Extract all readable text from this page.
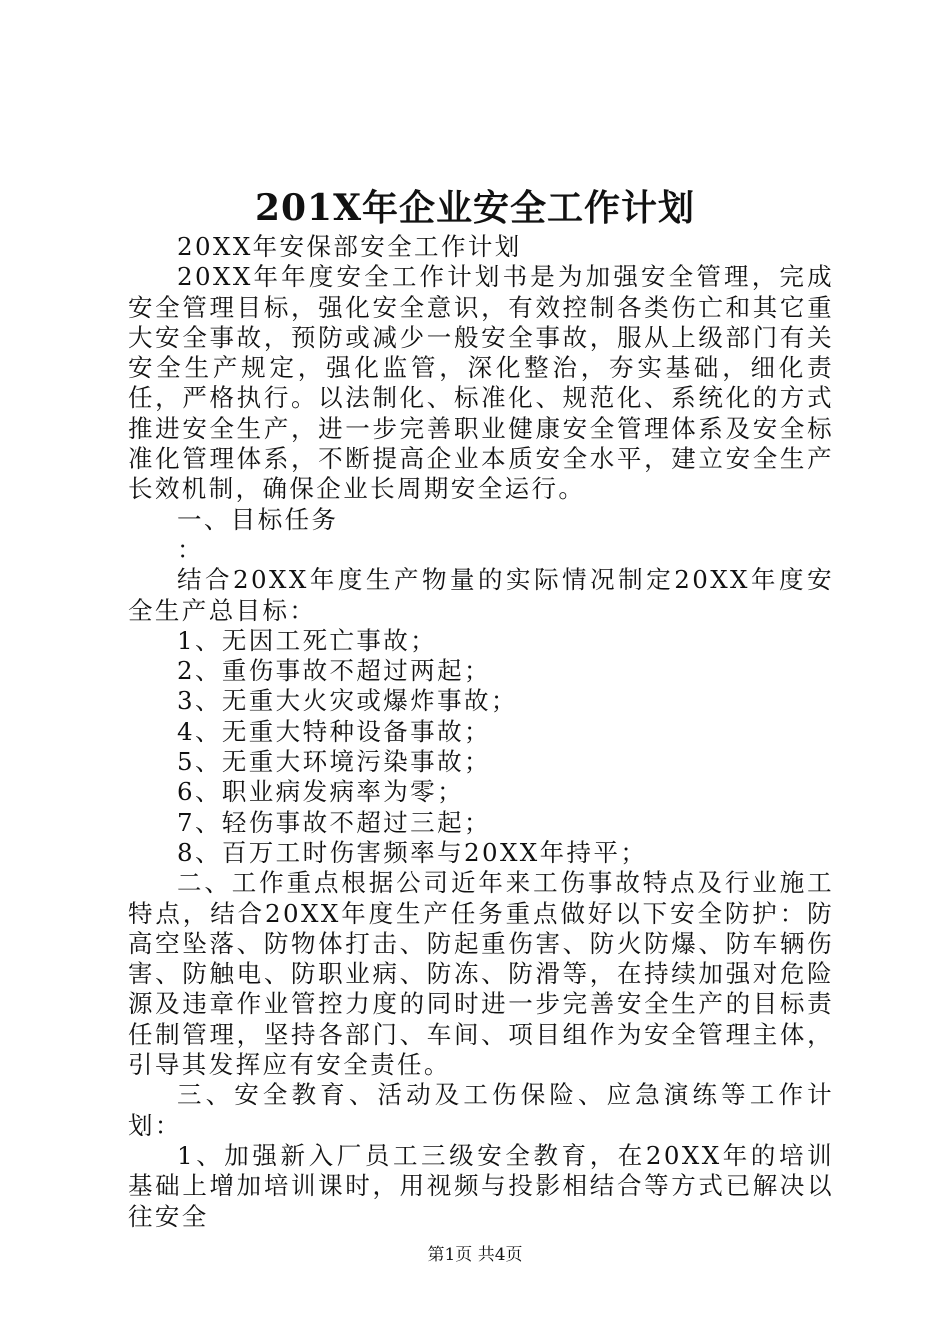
201X年企业安全工作计划

20XX年安保部安全工作计划

20XX年年度安全工作计划书是为加强安全管理，完成安全管理目标，强化安全意识，有效控制各类伤亡和其它重大安全事故，预防或减少一般安全事故，服从上级部门有关安全生产规定，强化监管，深化整治，夯实基础，细化责任，严格执行。以法制化、标准化、规范化、系统化的方式推进安全生产，进一步完善职业健康安全管理体系及安全标准化管理体系，不断提高企业本质安全水平，建立安全生产长效机制，确保企业长周期安全运行。

一、目标任务

：

结合20XX年度生产物量的实际情况制定20XX年度安全生产总目标：

1、无因工死亡事故；

2、重伤事故不超过两起；

3、无重大火灾或爆炸事故；

4、无重大特种设备事故；

5、无重大环境污染事故；

6、职业病发病率为零；

7、轻伤事故不超过三起；

8、百万工时伤害频率与20XX年持平；

二、工作重点根据公司近年来工伤事故特点及行业施工特点，结合20XX年度生产任务重点做好以下安全防护：防高空坠落、防物体打击、防起重伤害、防火防爆、防车辆伤害、防触电、防职业病、防冻、防滑等，在持续加强对危险源及违章作业管控力度的同时进一步完善安全生产的目标责任制管理，坚持各部门、车间、项目组作为安全管理主体，引导其发挥应有安全责任。

三、安全教育、活动及工伤保险、应急演练等工作计划：

1、加强新入厂员工三级安全教育，在20XX年的培训基础上增加培训课时，用视频与投影相结合等方式已解决以往安全

第1页 共4页
